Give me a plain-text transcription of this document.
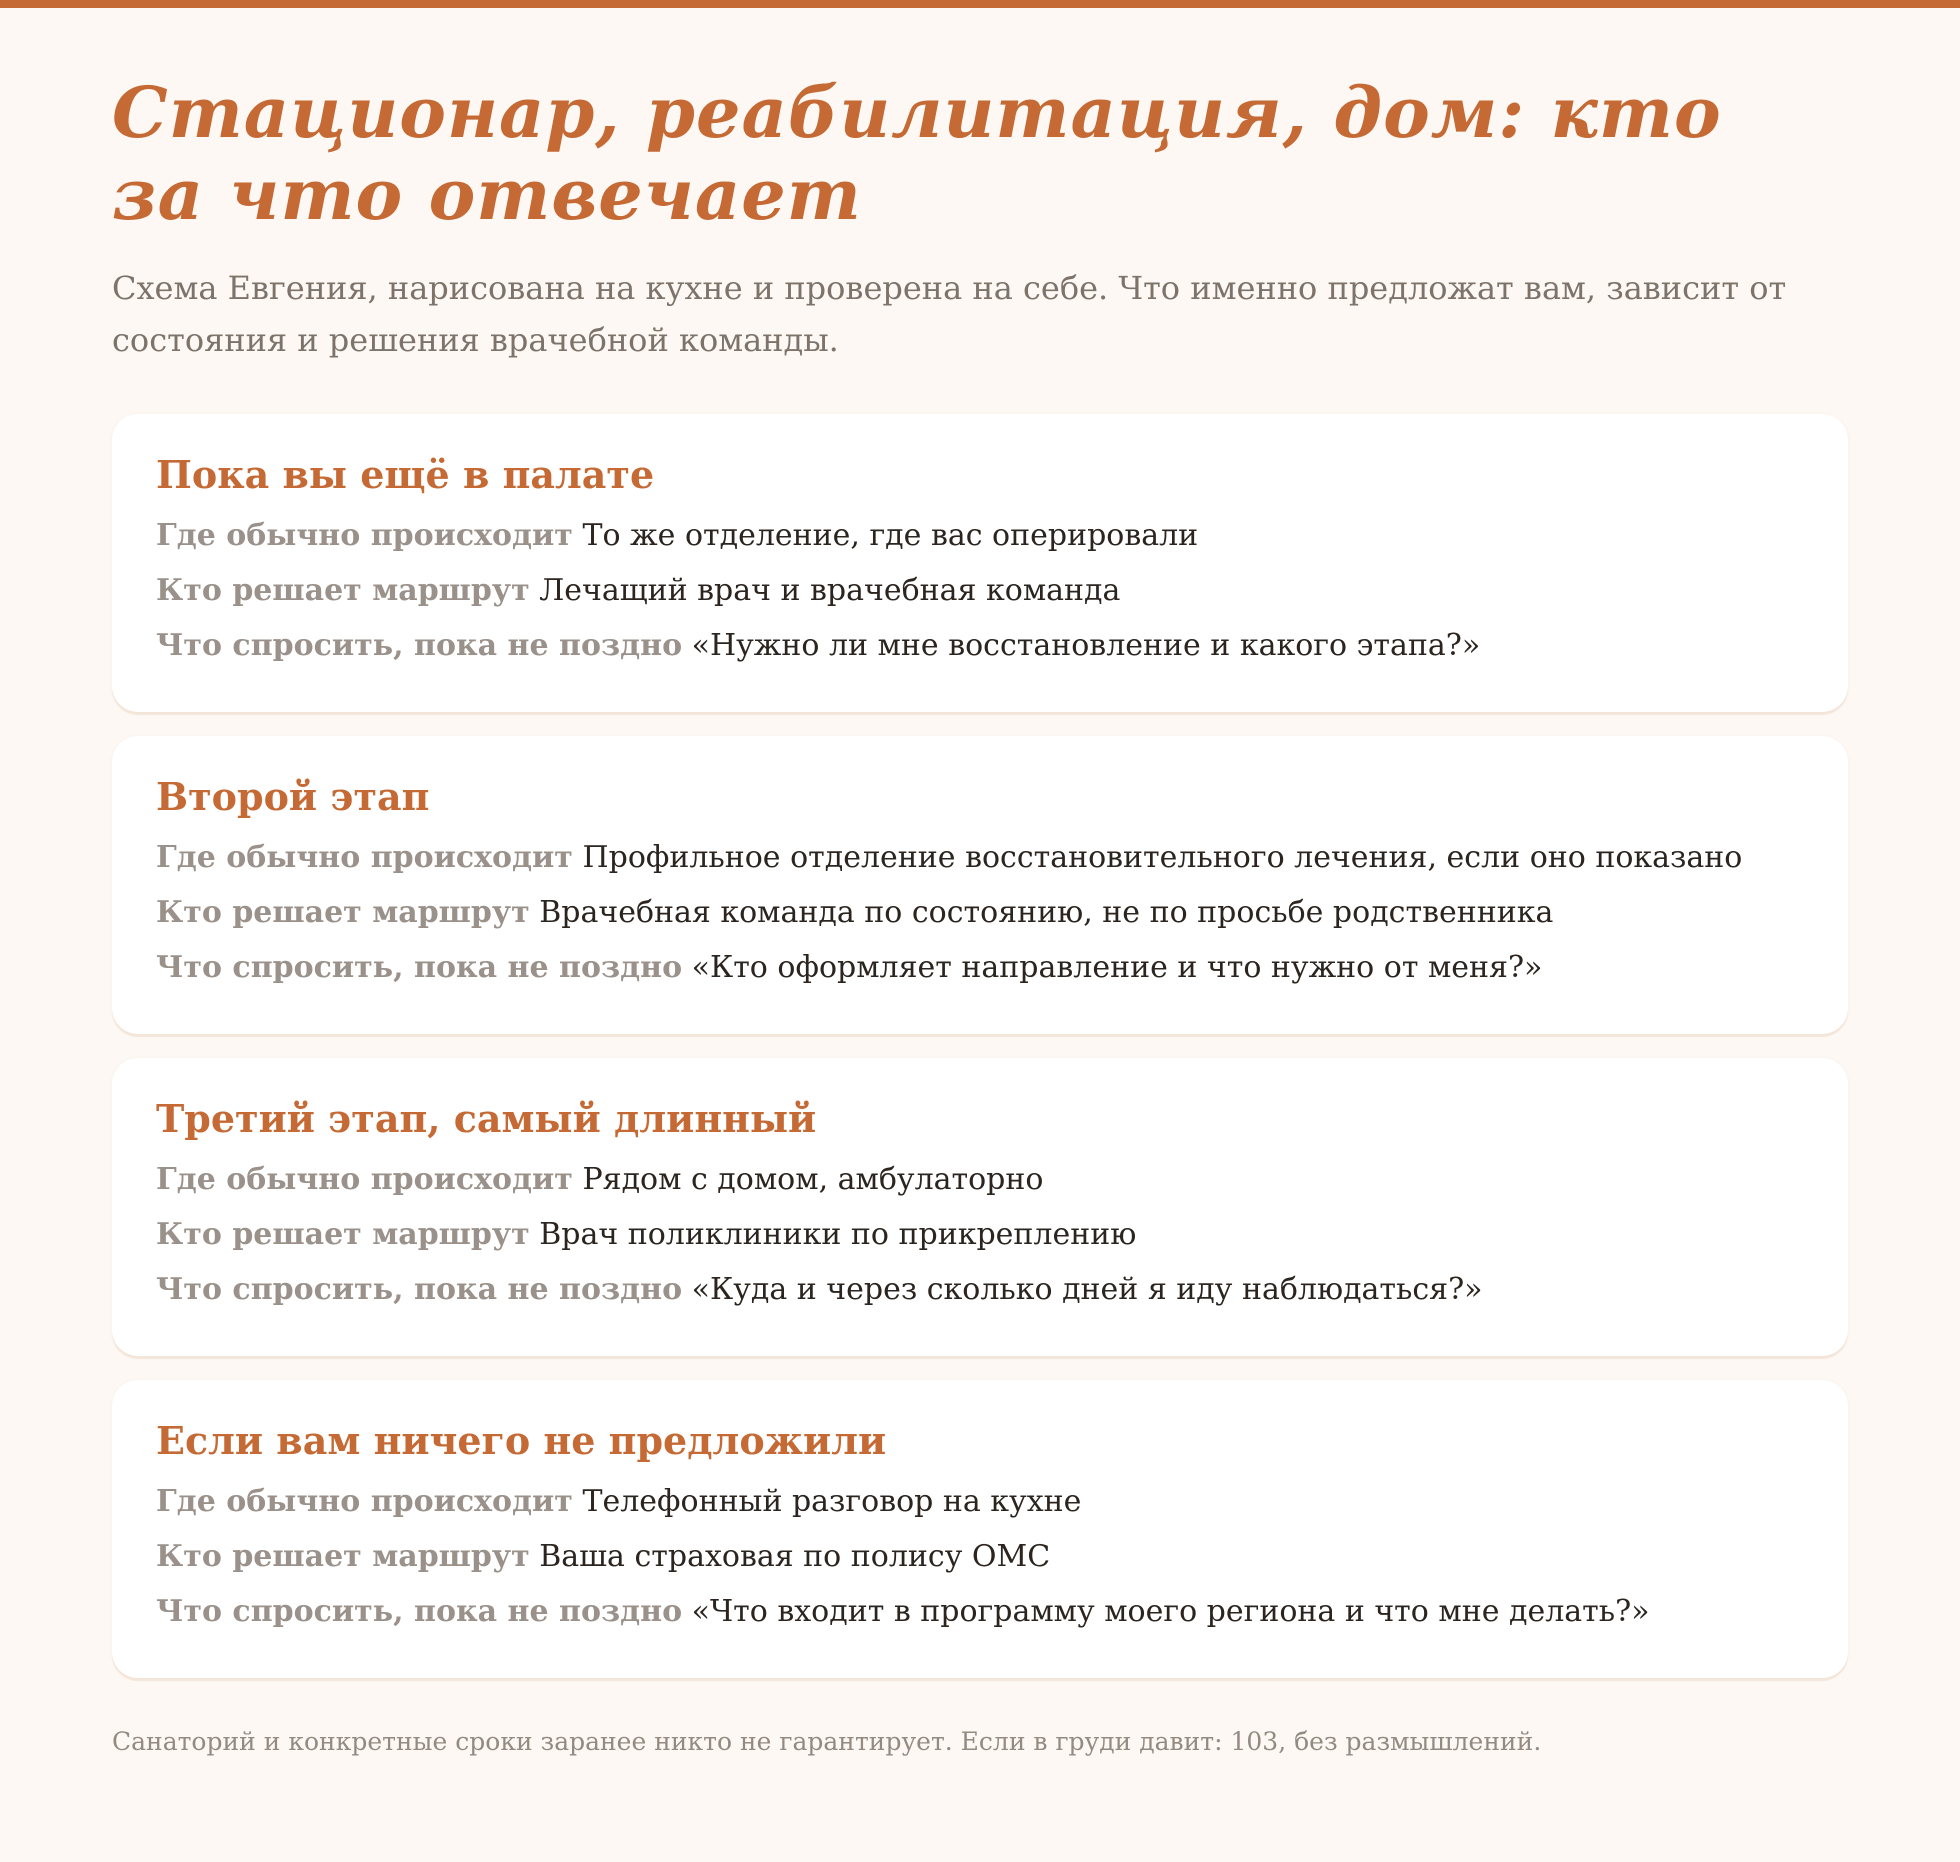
Стационар, реабилитация, дом: кто за что отвечает

Схема Евгения, нарисована на кухне и проверена на себе. Что именно предложат вам, зависит от состояния и решения врачебной команды.

Пока вы ещё в палате
Где обычно происходит То же отделение, где вас оперировали
Кто решает маршрут Лечащий врач и врачебная команда
Что спросить, пока не поздно «Нужно ли мне восстановление и какого этапа?»
Второй этап
Где обычно происходит Профильное отделение восстановительного лечения, если оно показано
Кто решает маршрут Врачебная команда по состоянию, не по просьбе родственника
Что спросить, пока не поздно «Кто оформляет направление и что нужно от меня?»
Третий этап, самый длинный
Где обычно происходит Рядом с домом, амбулаторно
Кто решает маршрут Врач поликлиники по прикреплению
Что спросить, пока не поздно «Куда и через сколько дней я иду наблюдаться?»
Если вам ничего не предложили
Где обычно происходит Телефонный разговор на кухне
Кто решает маршрут Ваша страховая по полису ОМС
Что спросить, пока не поздно «Что входит в программу моего региона и что мне делать?»

Санаторий и конкретные сроки заранее никто не гарантирует. Если в груди давит: 103, без размышлений.
